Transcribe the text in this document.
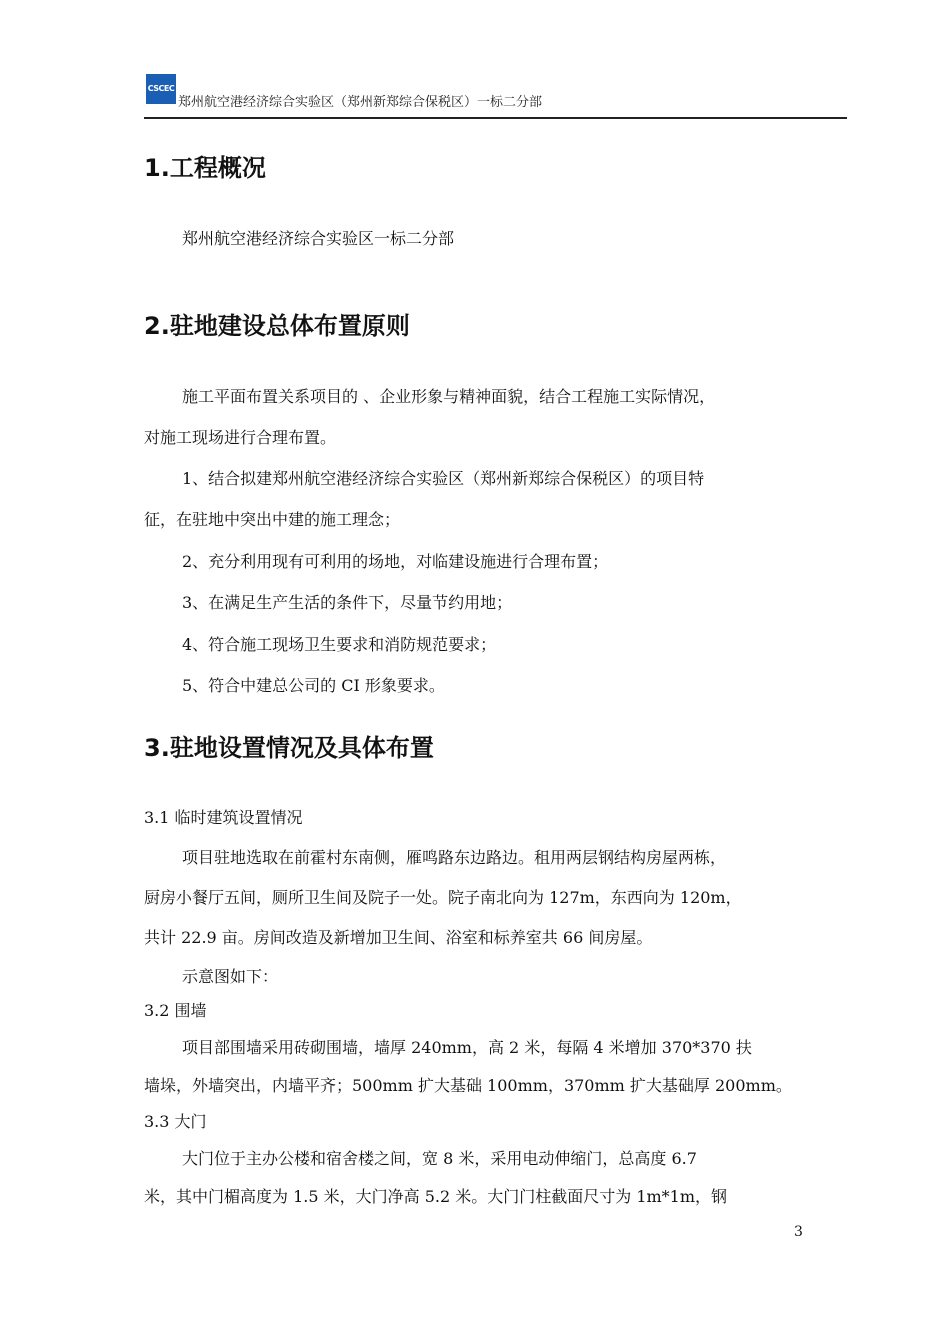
CSCEC
郑州航空港经济综合实验区（郑州新郑综合保税区）一标二分部
1.工程概况
郑州航空港经济综合实验区一标二分部
2.驻地建设总体布置原则
施工平面布置关系项目的 、企业形象与精神面貌，结合工程施工实际情况，
对施工现场进行合理布置。
1、结合拟建郑州航空港经济综合实验区（郑州新郑综合保税区）的项目特
征，在驻地中突出中建的施工理念；
2、充分利用现有可利用的场地，对临建设施进行合理布置；
3、在满足生产生活的条件下，尽量节约用地；
4、符合施工现场卫生要求和消防规范要求；
5、符合中建总公司的 CI 形象要求。
3.驻地设置情况及具体布置
3.1 临时建筑设置情况
项目驻地选取在前霍村东南侧，雁鸣路东边路边。租用两层钢结构房屋两栋，
厨房小餐厅五间，厕所卫生间及院子一处。院子南北向为 127m，东西向为 120m，
共计 22.9 亩。房间改造及新增加卫生间、浴室和标养室共 66 间房屋。
示意图如下：
3.2 围墙
项目部围墙采用砖砌围墙，墙厚 240mm，高 2 米，每隔 4 米增加 370*370 扶
墙垛，外墙突出，内墙平齐；500mm 扩大基础 100mm，370mm 扩大基础厚 200mm。
3.3 大门
大门位于主办公楼和宿舍楼之间，宽 8 米，采用电动伸缩门，总高度 6.7
米，其中门楣高度为 1.5 米，大门净高 5.2 米。大门门柱截面尺寸为 1m*1m，钢
3
